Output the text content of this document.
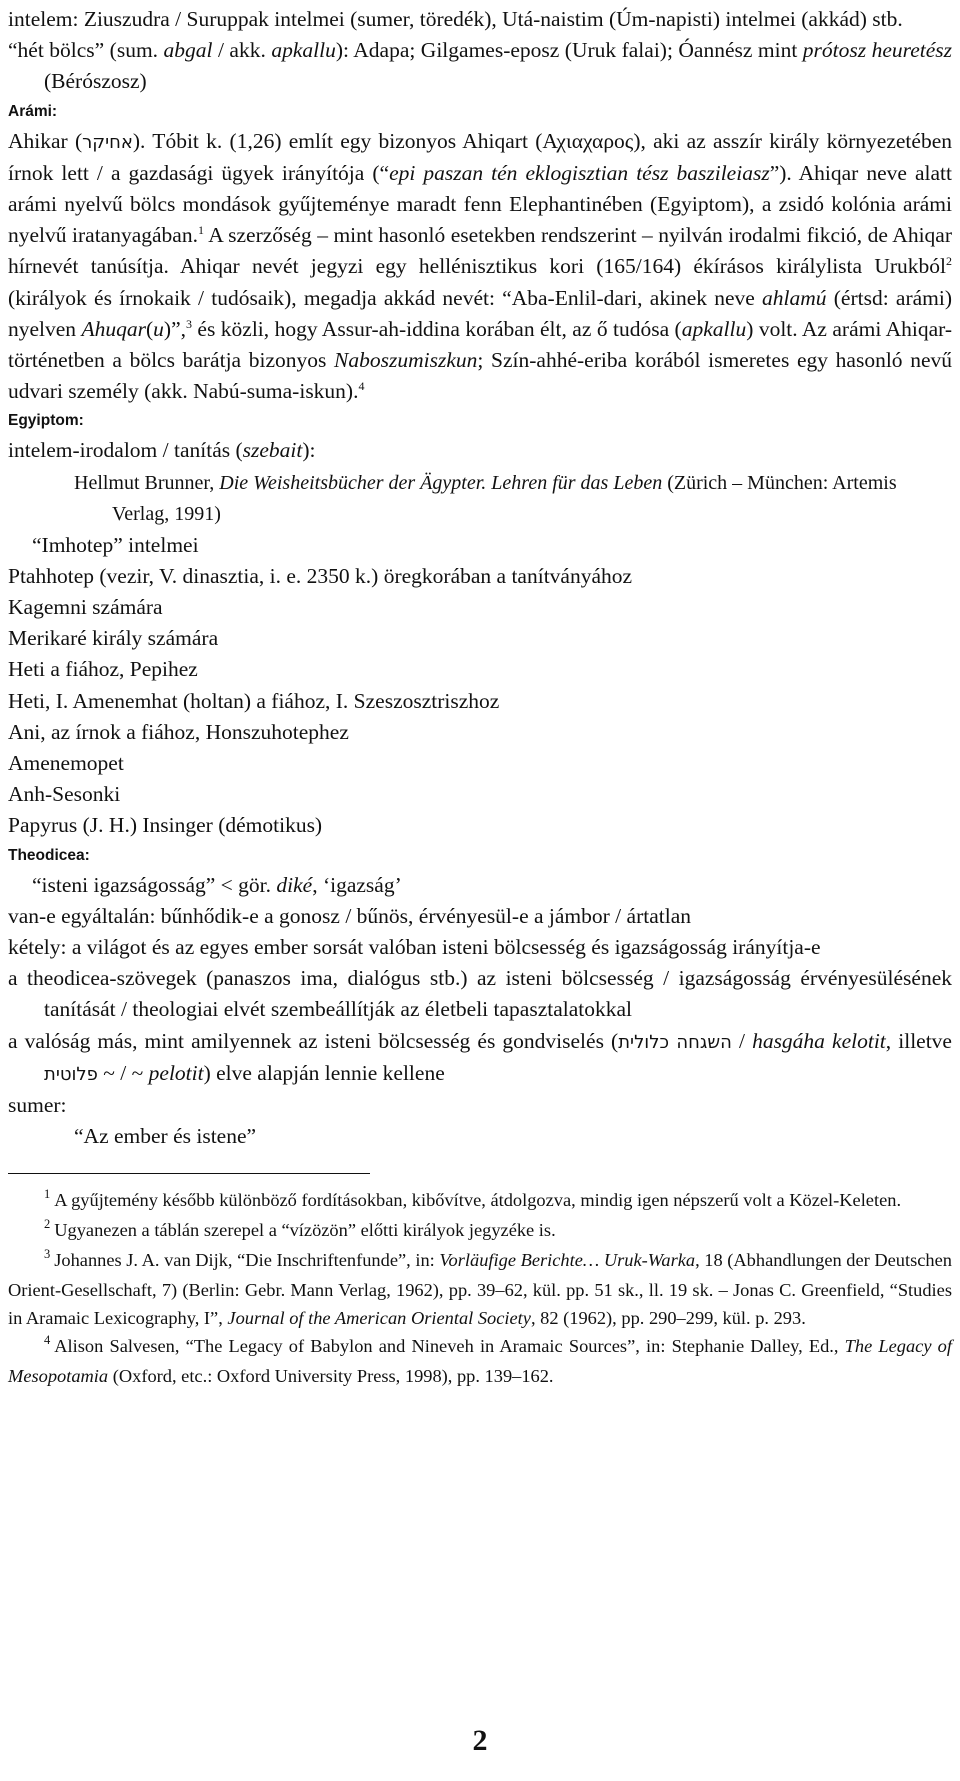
intelem: Ziuszudra / Suruppak intelmei (sumer, töredék), Utá-naistim (Úm-napisti) intelmei (akkád) stb.

“hét bölcs” (sum. abgal / akk. apkallu): Adapa; Gilgames-eposz (Uruk falai); Óannész mint prótosz heuretész (Bérószosz)

Arámi:

Ahikar (אחיקר). Tóbit k. (1,26) említ egy bizonyos Ahiqart (Αχιαχαρος), aki az asszír király környezetében írnok lett / a gazdasági ügyek irányítója (“epi paszan tén eklogisztian tész baszileiasz”). Ahiqar neve alatt arámi nyelvű bölcs mondások gyűjteménye maradt fenn Elephantinében (Egyiptom), a zsidó kolónia arámi nyelvű iratanyagában.$^1$ A szerzőség – mint hasonló esetekben rendszerint – nyilván irodalmi fikció, de Ahiqar hírnevét tanúsítja. Ahiqar nevét jegyzi egy hellénisztikus kori (165/164) ékírásos királylista Urukból$^2$ (királyok és írnokaik / tudósaik), megadja akkád nevét: “Aba-Enlil-dari, akinek neve ahlamú (értsd: arámi) nyelven Ahuqar(u)”,$^3$ és közli, hogy Assur-ah-iddina korában élt, az ő tudósa (apkallu) volt. Az arámi Ahiqar-történetben a bölcs barátja bizonyos Naboszumiszkun; Szín-ahhé-eriba korából ismeretes egy hasonló nevű udvari személy (akk. Nabú-suma-iskun).$^4$

Egyiptom:

intelem-irodalom / tanítás (szebait):

Hellmut Brunner, Die Weisheitsbücher der Ägypter. Lehren für das Leben (Zürich – München: Artemis Verlag, 1991)

“Imhotep” intelmei

Ptahhotep (vezir, V. dinasztia, i. e. 2350 k.) öregkorában a tanítványához

Kagemni számára

Merikaré király számára

Heti a fiához, Pepihez

Heti, I. Amenemhat (holtan) a fiához, I. Szeszosztriszhoz

Ani, az írnok a fiához, Honszuhotephez

Amenemopet

Anh-Sesonki

Papyrus (J. H.) Insinger (démotikus)

Theodicea:

“isteni igazságosság” < gör. diké, ‘igazság’

van-e egyáltalán: bűnhődik-e a gonosz / bűnös, érvényesül-e a jámbor / ártatlan

kétely: a világot és az egyes ember sorsát valóban isteni bölcsesség és igazságosság irányítja-e

a theodicea-szövegek (panaszos ima, dialógus stb.) az isteni bölcsesség / igazságosság érvényesülésének tanítását / theologiai elvét szembeállítják az életbeli tapasztalatokkal

a valóság más, mint amilyennek az isteni bölcsesség és gondviselés (השגחה כלולית / hasgáha kelotit, illetve פלוטית ~ / ~ pelotit) elve alapján lennie kellene

sumer:

“Az ember és istene”

$^1$ A gyűjtemény később különböző fordításokban, kibővítve, átdolgozva, mindig igen népszerű volt a Közel-Keleten.

$^2$ Ugyanezen a táblán szerepel a “vízözön” előtti királyok jegyzéke is.

$^3$ Johannes J. A. van Dijk, “Die Inschriftenfunde”, in: Vorläufige Berichte… Uruk-Warka, 18 (Abhandlungen der Deutschen Orient-Gesellschaft, 7) (Berlin: Gebr. Mann Verlag, 1962), pp. 39–62, kül. pp. 51 sk., ll. 19 sk. – Jonas C. Greenfield, “Studies in Aramaic Lexicography, I”, Journal of the American Oriental Society, 82 (1962), pp. 290–299, kül. p. 293.

$^4$ Alison Salvesen, “The Legacy of Babylon and Nineveh in Aramaic Sources”, in: Stephanie Dalley, Ed., The Legacy of Mesopotamia (Oxford, etc.: Oxford University Press, 1998), pp. 139–162.

2
